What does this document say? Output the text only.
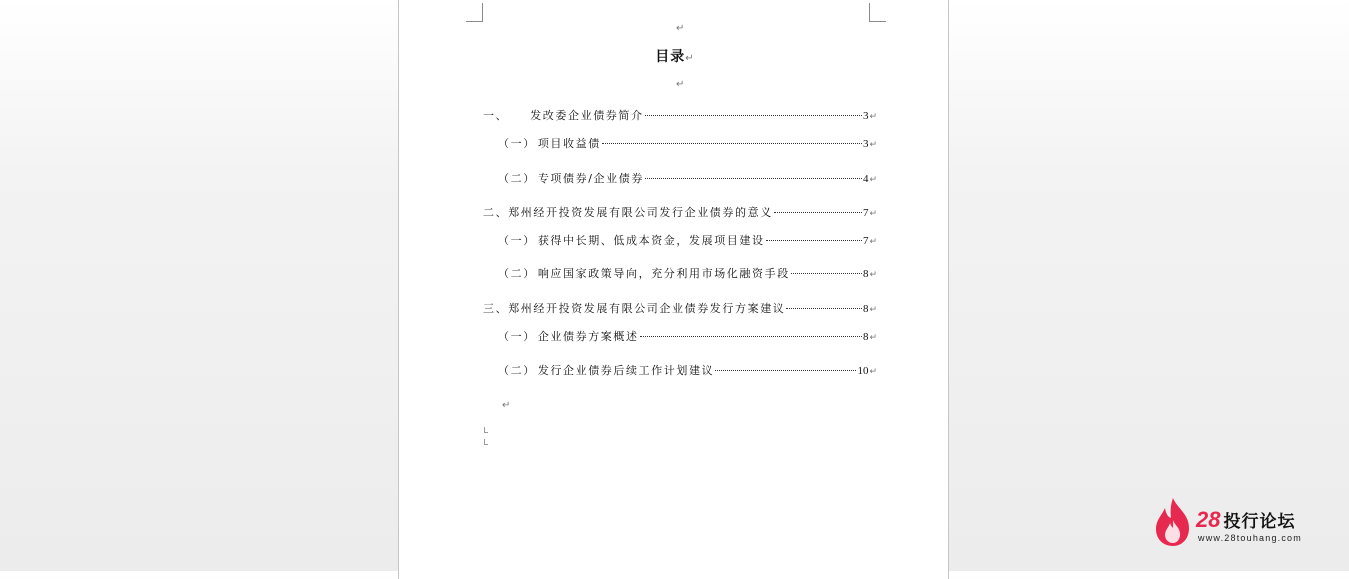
↵
目录↵
↵
一、 发改委企业债券简介	3 ↵
（一） 项目收益债	3 ↵
（二） 专项债券/企业债券	4 ↵
二、 郑州经开投资发展有限公司发行企业债券的意义	7 ↵
（一） 获得中长期、低成本资金，发展项目建设	7 ↵
（二） 响应国家政策导向，充分利用市场化融资手段	8 ↵
三、 郑州经开投资发展有限公司企业债券发行方案建议	8 ↵
（一） 企业债券方案概述	8 ↵
（二） 发行企业债券后续工作计划建议	10 ↵
↵
28 投行论坛
www.28touhang.com
